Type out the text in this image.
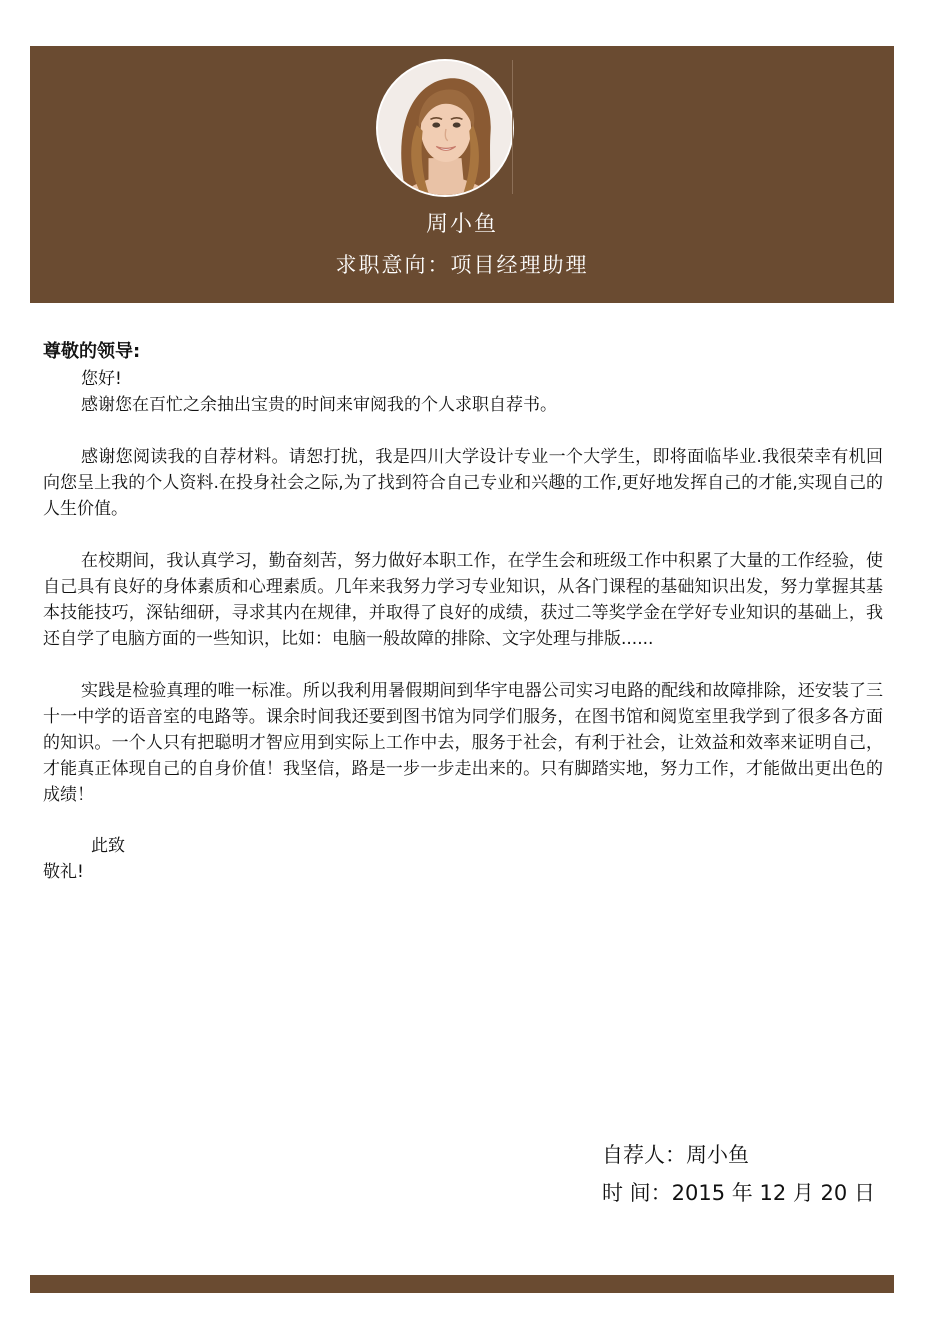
周小鱼
求职意向：项目经理助理
尊敬的领导:
您好!
感谢您在百忙之余抽出宝贵的时间来审阅我的个人求职自荐书。
感谢您阅读我的自荐材料。请恕打扰，我是四川大学设计专业一个大学生，即将面临毕业.我很荣幸有机回向您呈上我的个人资料.在投身社会之际,为了找到符合自己专业和兴趣的工作,更好地发挥自己的才能,实现自己的人生价值。
在校期间，我认真学习，勤奋刻苦，努力做好本职工作，在学生会和班级工作中积累了大量的工作经验，使自己具有良好的身体素质和心理素质。几年来我努力学习专业知识，从各门课程的基础知识出发，努力掌握其基本技能技巧，深钻细研，寻求其内在规律，并取得了良好的成绩，获过二等奖学金在学好专业知识的基础上，我还自学了电脑方面的一些知识，比如：电脑一般故障的排除、文字处理与排版......
实践是检验真理的唯一标准。所以我利用暑假期间到华宇电器公司实习电路的配线和故障排除，还安装了三十一中学的语音室的电路等。课余时间我还要到图书馆为同学们服务，在图书馆和阅览室里我学到了很多各方面的知识。一个人只有把聪明才智应用到实际上工作中去，服务于社会，有利于社会，让效益和效率来证明自己，才能真正体现自己的自身价值！我坚信，路是一步一步走出来的。只有脚踏实地，努力工作，才能做出更出色的成绩！
此致
敬礼!
自荐人：周小鱼
时 间：2015 年 12 月 20 日
